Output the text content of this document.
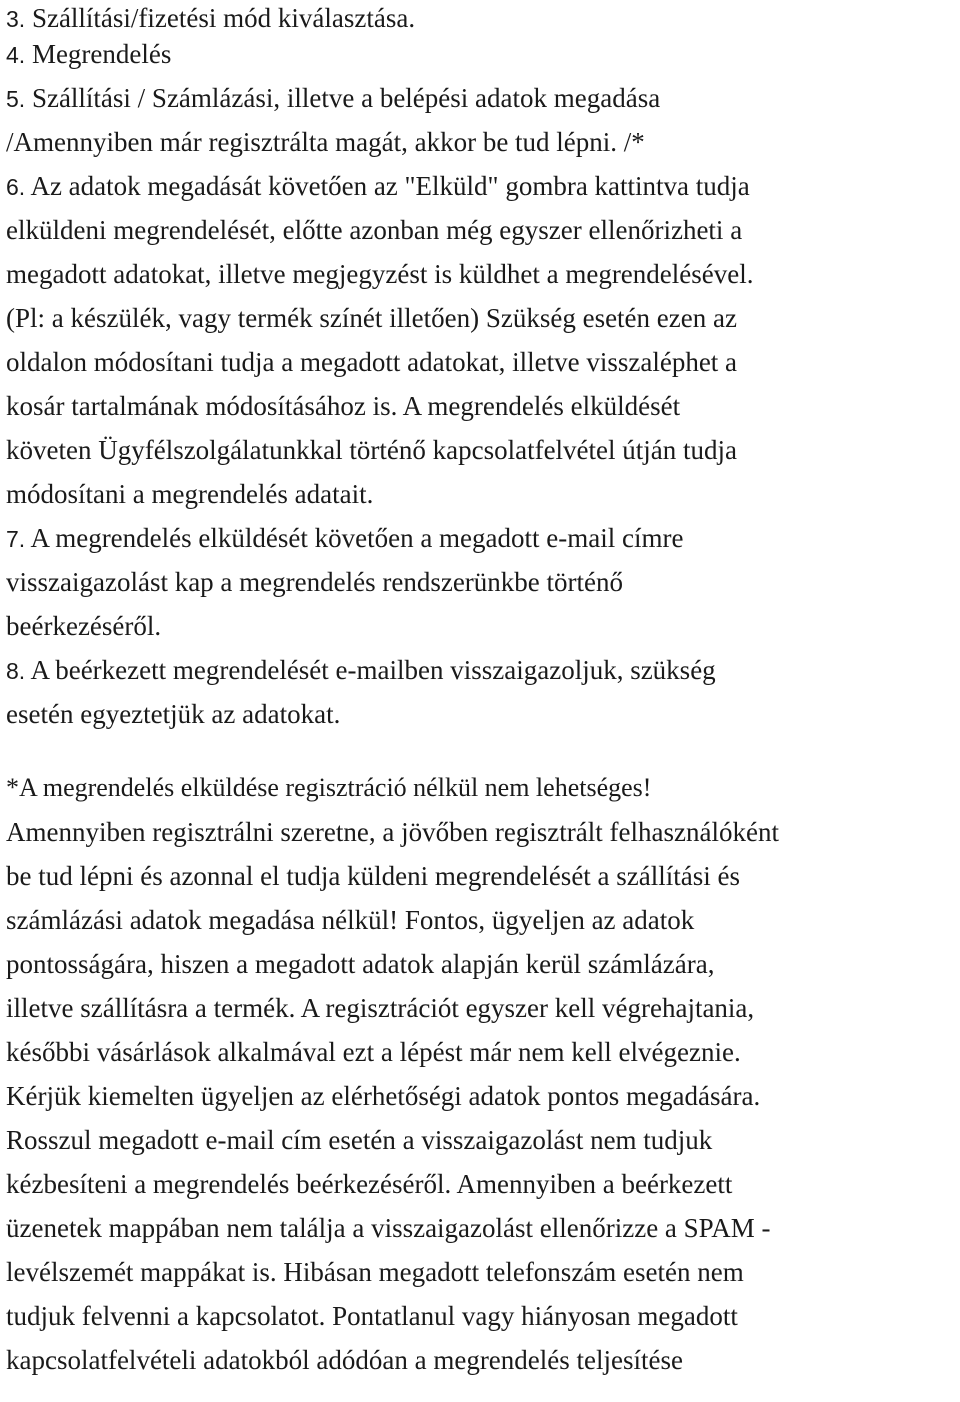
3. Szállítási/fizetési mód kiválasztása.
4. Megrendelés
5. Szállítási / Számlázási, illetve a belépési adatok megadása
/Amennyiben már regisztrálta magát, akkor be tud lépni. /*
6. Az adatok megadását követően az "Elküld" gombra kattintva tudja
elküldeni megrendelését, előtte azonban még egyszer ellenőrizheti a
megadott adatokat, illetve megjegyzést is küldhet a megrendelésével.
(Pl: a készülék, vagy termék színét illetően) Szükség esetén ezen az
oldalon módosítani tudja a megadott adatokat, illetve visszaléphet a
kosár tartalmának módosításához is. A megrendelés elküldését
követen Ügyfélszolgálatunkkal történő kapcsolatfelvétel útján tudja
módosítani a megrendelés adatait.
7. A megrendelés elküldését követően a megadott e-mail címre
visszaigazolást kap a megrendelés rendszerünkbe történő
beérkezéséről.
8. A beérkezett megrendelését e-mailben visszaigazoljuk, szükség
esetén egyeztetjük az adatokat.
*A megrendelés elküldése regisztráció nélkül nem lehetséges!
Amennyiben regisztrálni szeretne, a jövőben regisztrált felhasználóként
be tud lépni és azonnal el tudja küldeni megrendelését a szállítási és
számlázási adatok megadása nélkül! Fontos, ügyeljen az adatok
pontosságára, hiszen a megadott adatok alapján kerül számlázára,
illetve szállításra a termék. A regisztrációt egyszer kell végrehajtania,
későbbi vásárlások alkalmával ezt a lépést már nem kell elvégeznie.
Kérjük kiemelten ügyeljen az elérhetőségi adatok pontos megadására.
Rosszul megadott e-mail cím esetén a visszaigazolást nem tudjuk
kézbesíteni a megrendelés beérkezéséről. Amennyiben a beérkezett
üzenetek mappában nem találja a visszaigazolást ellenőrizze a SPAM -
levélszemét mappákat is. Hibásan megadott telefonszám esetén nem
tudjuk felvenni a kapcsolatot. Pontatlanul vagy hiányosan megadott
kapcsolatfelvételi adatokból adódóan a megrendelés teljesítése
